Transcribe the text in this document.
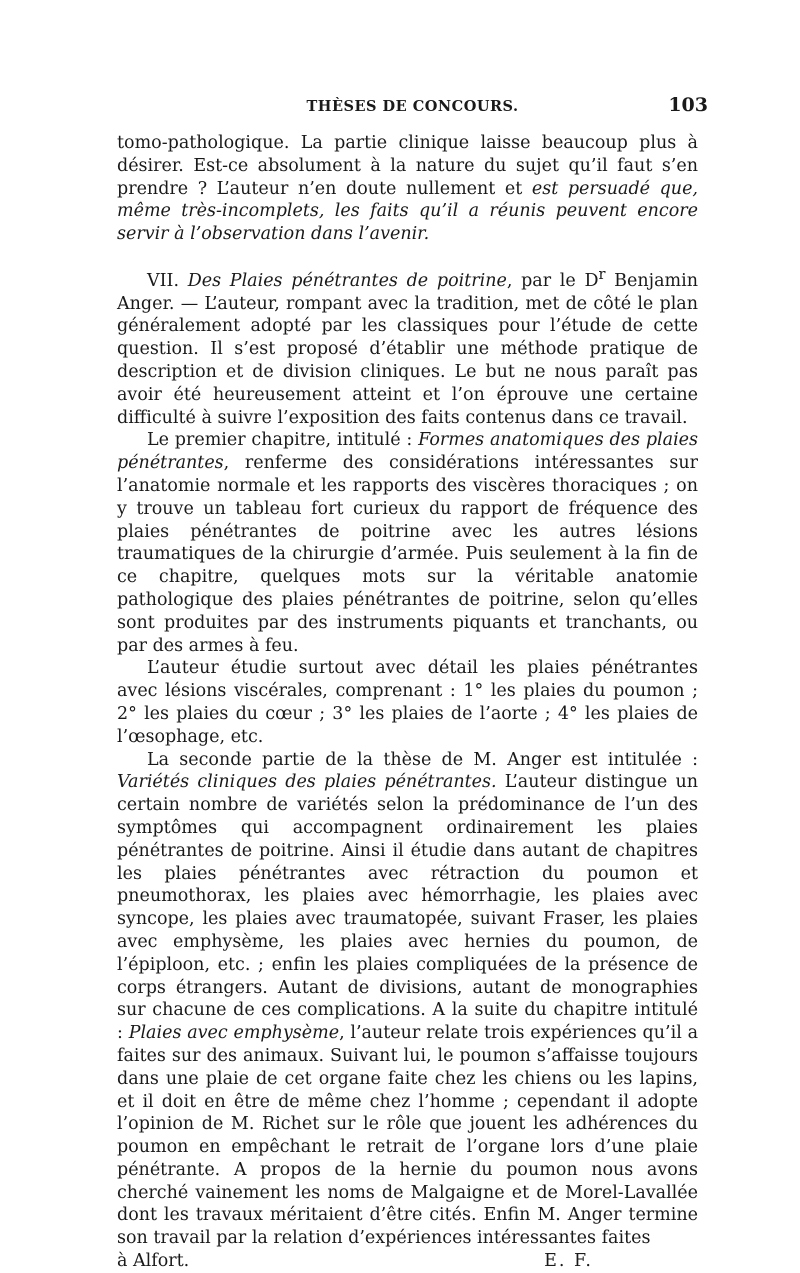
THÈSES DE CONCOURS.	103

tomo-pathologique. La partie clinique laisse beaucoup plus à désirer. Est-ce absolument à la nature du sujet qu’il faut s’en prendre ? L’auteur n’en doute nullement et est persuadé que, même très-incomplets, les faits qu’il a réunis peuvent encore servir à l’observation dans l’avenir.

VII. Des Plaies pénétrantes de poitrine, par le $D^r$ Benjamin Anger. — L’auteur, rompant avec la tradition, met de côté le plan généralement adopté par les classiques pour l’étude de cette question. Il s’est proposé d’établir une méthode pratique de description et de division cliniques. Le but ne nous paraît pas avoir été heureusement atteint et l’on éprouve une certaine difficulté à suivre l’exposition des faits contenus dans ce travail.

Le premier chapitre, intitulé : Formes anatomiques des plaies pénétrantes, renferme des considérations intéressantes sur l’anatomie normale et les rapports des viscères thoraciques ; on y trouve un tableau fort curieux du rapport de fréquence des plaies pénétrantes de poitrine avec les autres lésions traumatiques de la chirurgie d’armée. Puis seulement à la fin de ce chapitre, quelques mots sur la véritable anatomie pathologique des plaies pénétrantes de poitrine, selon qu’elles sont produites par des instruments piquants et tranchants, ou par des armes à feu.

L’auteur étudie surtout avec détail les plaies pénétrantes avec lésions viscérales, comprenant : 1° les plaies du poumon ; 2° les plaies du cœur ; 3° les plaies de l’aorte ; 4° les plaies de l’œsophage, etc.

La seconde partie de la thèse de M. Anger est intitulée : Variétés cliniques des plaies pénétrantes. L’auteur distingue un certain nombre de variétés selon la prédominance de l’un des symptômes qui accompagnent ordinairement les plaies pénétrantes de poitrine. Ainsi il étudie dans autant de chapitres les plaies pénétrantes avec rétraction du poumon et pneumothorax, les plaies avec hémorrhagie, les plaies avec syncope, les plaies avec traumatopée, suivant Fraser, les plaies avec emphysème, les plaies avec hernies du poumon, de l’épiploon, etc. ; enfin les plaies compliquées de la présence de corps étrangers. Autant de divisions, autant de monographies sur chacune de ces complications. A la suite du chapitre intitulé : Plaies avec emphysème, l’auteur relate trois expériences qu’il a faites sur des animaux. Suivant lui, le poumon s’affaisse toujours dans une plaie de cet organe faite chez les chiens ou les lapins, et il doit en être de même chez l’homme ; cependant il adopte l’opinion de M. Richet sur le rôle que jouent les adhérences du poumon en empêchant le retrait de l’organe lors d’une plaie pénétrante. A propos de la hernie du poumon nous avons cherché vainement les noms de Malgaigne et de Morel-Lavallée dont les travaux méritaient d’être cités. Enfin M. Anger termine son travail par la relation d’expériences intéressantes faites

à Alfort.	E. F.
